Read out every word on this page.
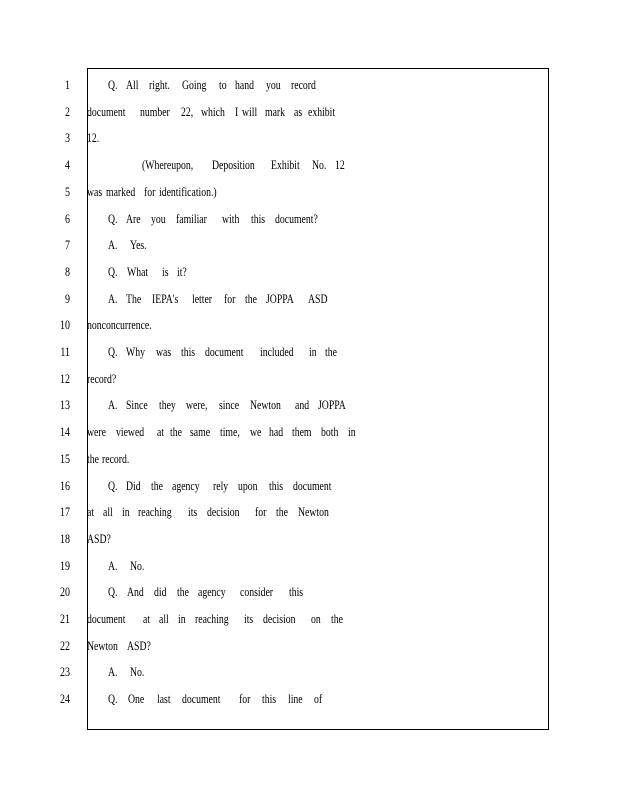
1
2
3
4
5
6
7
8
9
10
11
12
13
14
15
16
17
18
19
20
21
22
23
24
Q. All right. Going to hand you record
document number 22, which I will mark as exhibit
12.
(Whereupon, Deposition Exhibit No. 12
was marked for identification.)
Q. Are you familiar with this document?
A. Yes.
Q. What is it?
A. The IEPA's letter for the JOPPA ASD
nonconcurrence.
Q. Why was this document included in the
record?
A. Since they were, since Newton and JOPPA
were viewed at the same time, we had them both in
the record.
Q. Did the agency rely upon this document
at all in reaching its decision for the Newton
ASD?
A. No.
Q. And did the agency consider this
document at all in reaching its decision on the
Newton ASD?
A. No.
Q. One last document for this line of
